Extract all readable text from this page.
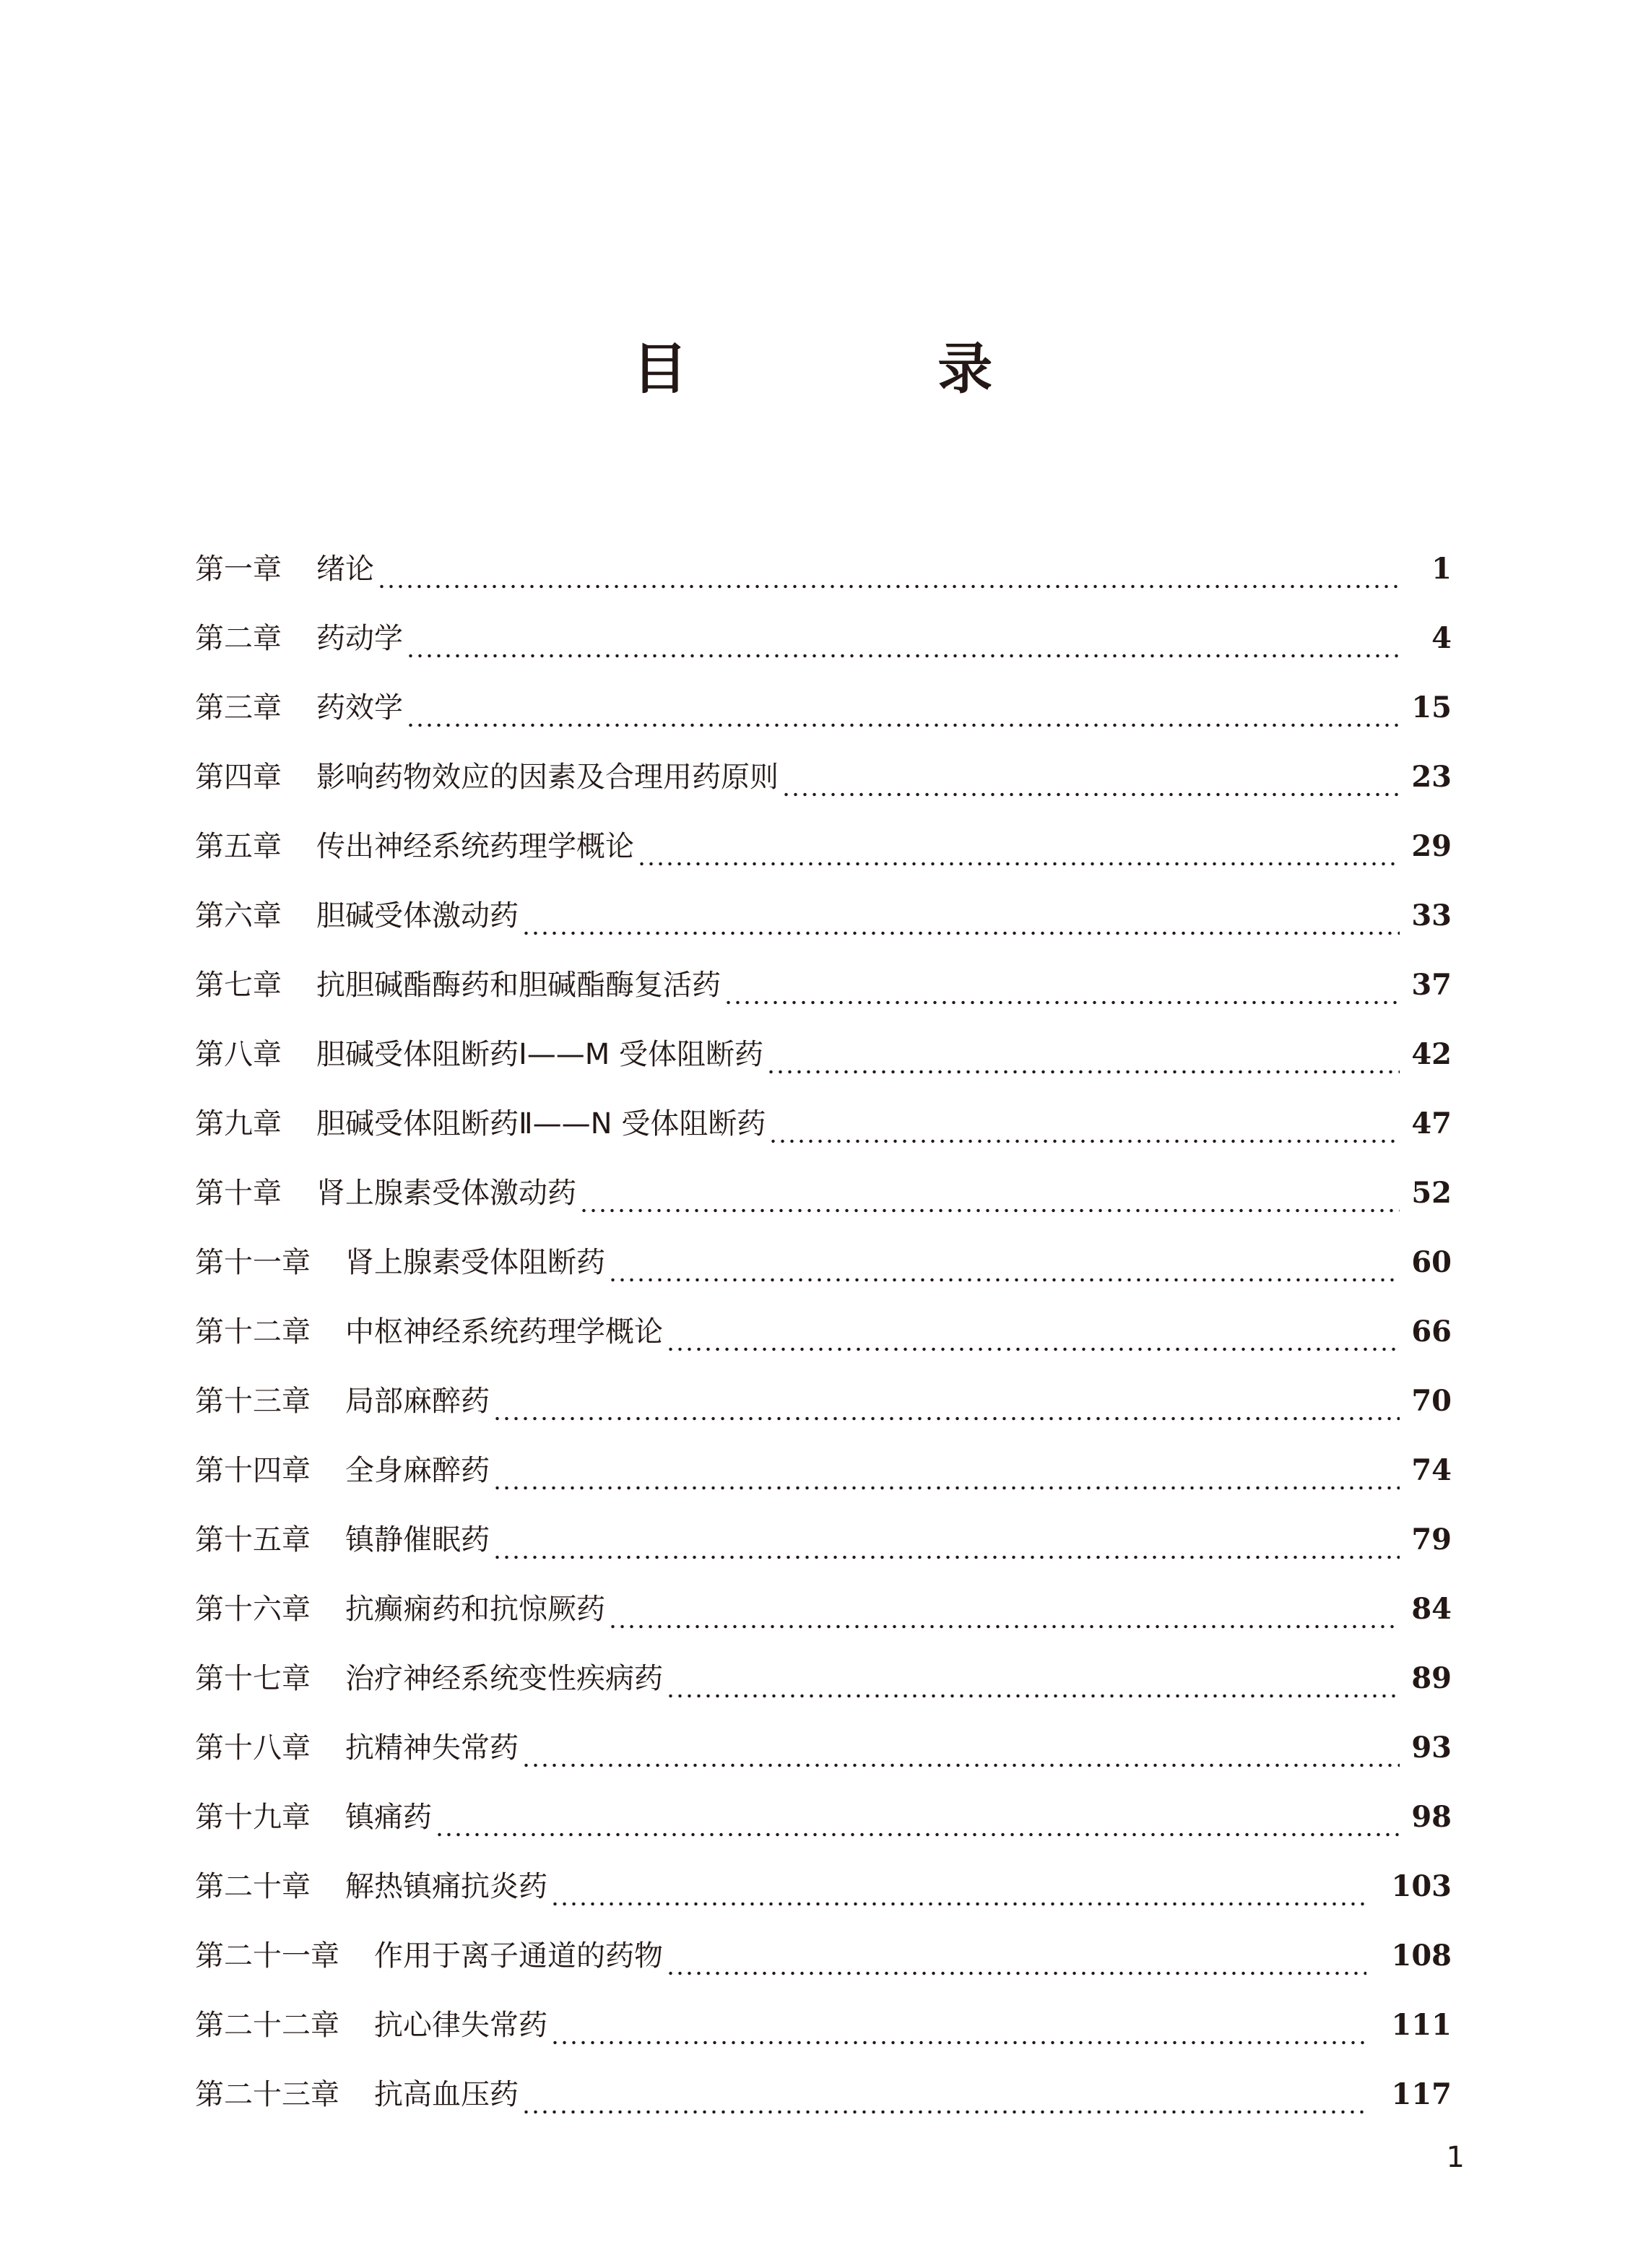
目 录
第一章 绪论	1
第二章 药动学	4
第三章 药效学	15
第四章 影响药物效应的因素及合理用药原则	23
第五章 传出神经系统药理学概论	29
第六章 胆碱受体激动药	33
第七章 抗胆碱酯酶药和胆碱酯酶复活药	37
第八章 胆碱受体阻断药Ⅰ——M 受体阻断药	42
第九章 胆碱受体阻断药Ⅱ——N 受体阻断药	47
第十章 肾上腺素受体激动药	52
第十一章 肾上腺素受体阻断药	60
第十二章 中枢神经系统药理学概论	66
第十三章 局部麻醉药	70
第十四章 全身麻醉药	74
第十五章 镇静催眠药	79
第十六章 抗癫痫药和抗惊厥药	84
第十七章 治疗神经系统变性疾病药	89
第十八章 抗精神失常药	93
第十九章 镇痛药	98
第二十章 解热镇痛抗炎药	103
第二十一章 作用于离子通道的药物	108
第二十二章 抗心律失常药	111
第二十三章 抗高血压药	117
1
